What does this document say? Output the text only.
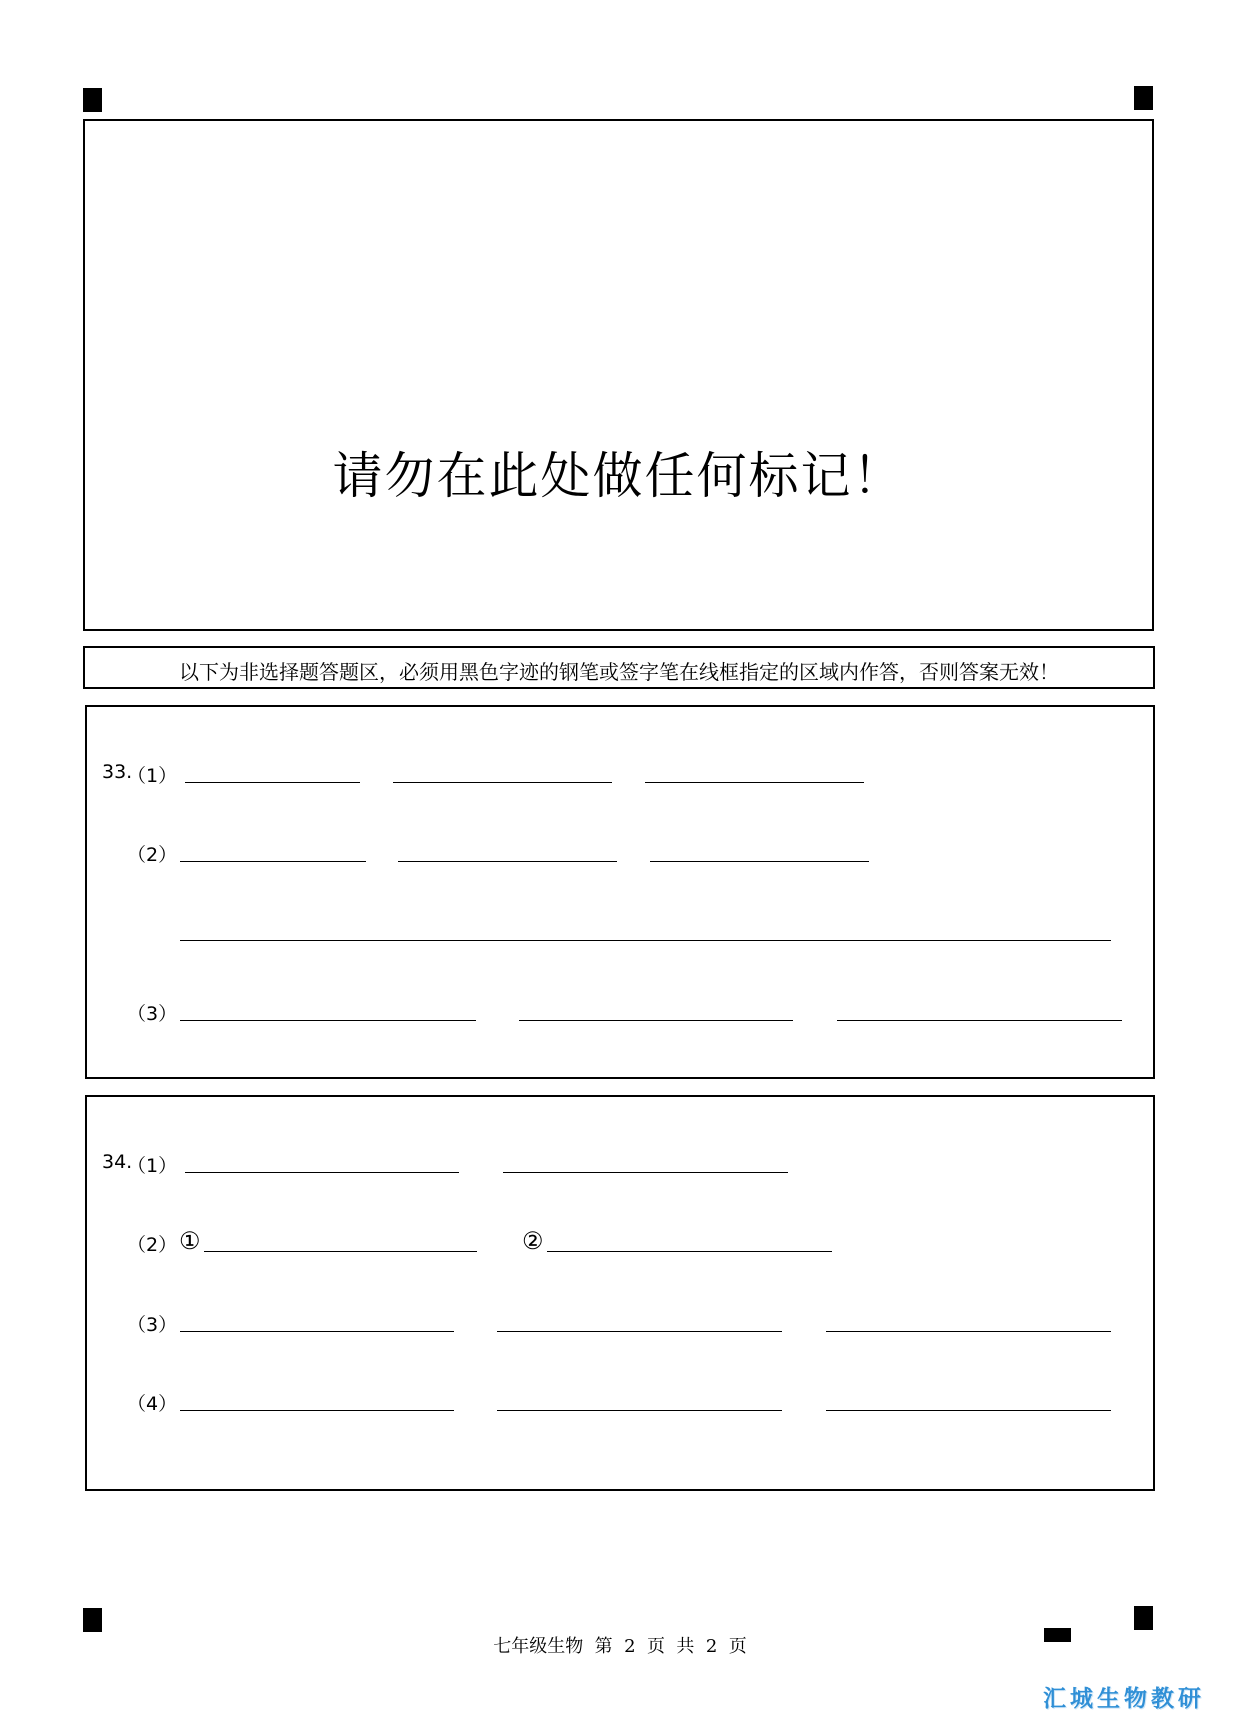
请勿在此处做任何标记！
以下为非选择题答题区，必须用黑色字迹的钢笔或签字笔在线框指定的区域内作答，否则答案无效！
33.
（1）
（2）
（3）
34.
（1）
（2） ①	②
（3）
（4）
七年级生物  第  2  页  共  2  页
汇城生物教研
